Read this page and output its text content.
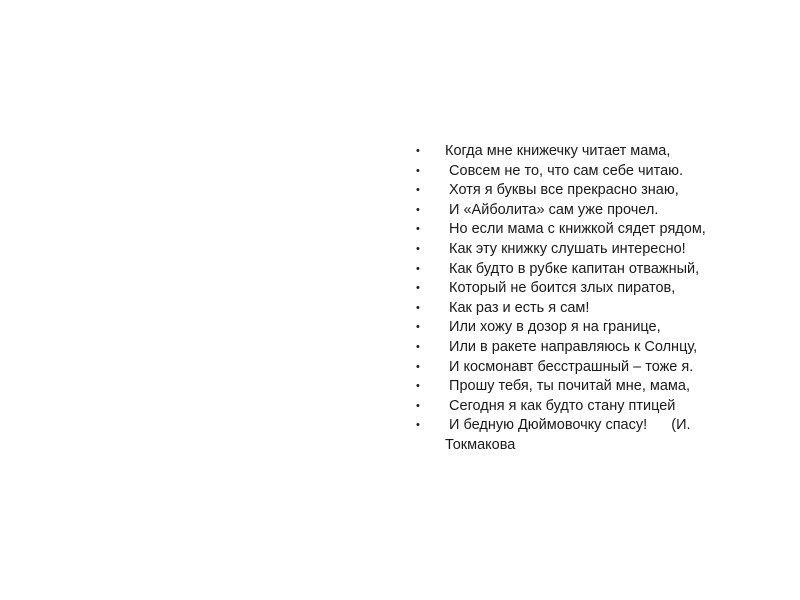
•	Когда мне книжечку читает мама,
•	Совсем не то, что сам себе читаю.
•	Хотя я буквы все прекрасно знаю,
•	И «Айболита» сам уже прочел.
•	Но если мама с книжкой сядет рядом,
•	Как эту книжку слушать интересно!
•	Как будто в рубке капитан отважный,
•	Который не боится злых пиратов,
•	Как раз и есть я сам!
•	Или хожу в дозор я на границе,
•	Или в ракете направляюсь к Солнцу,
•	И космонавт бесстрашный – тоже я.
•	Прошу тебя, ты почитай мне, мама,
•	Сегодня я как будто стану птицей
•	И бедную Дюймовочку спасу!      (И. Токмакова
